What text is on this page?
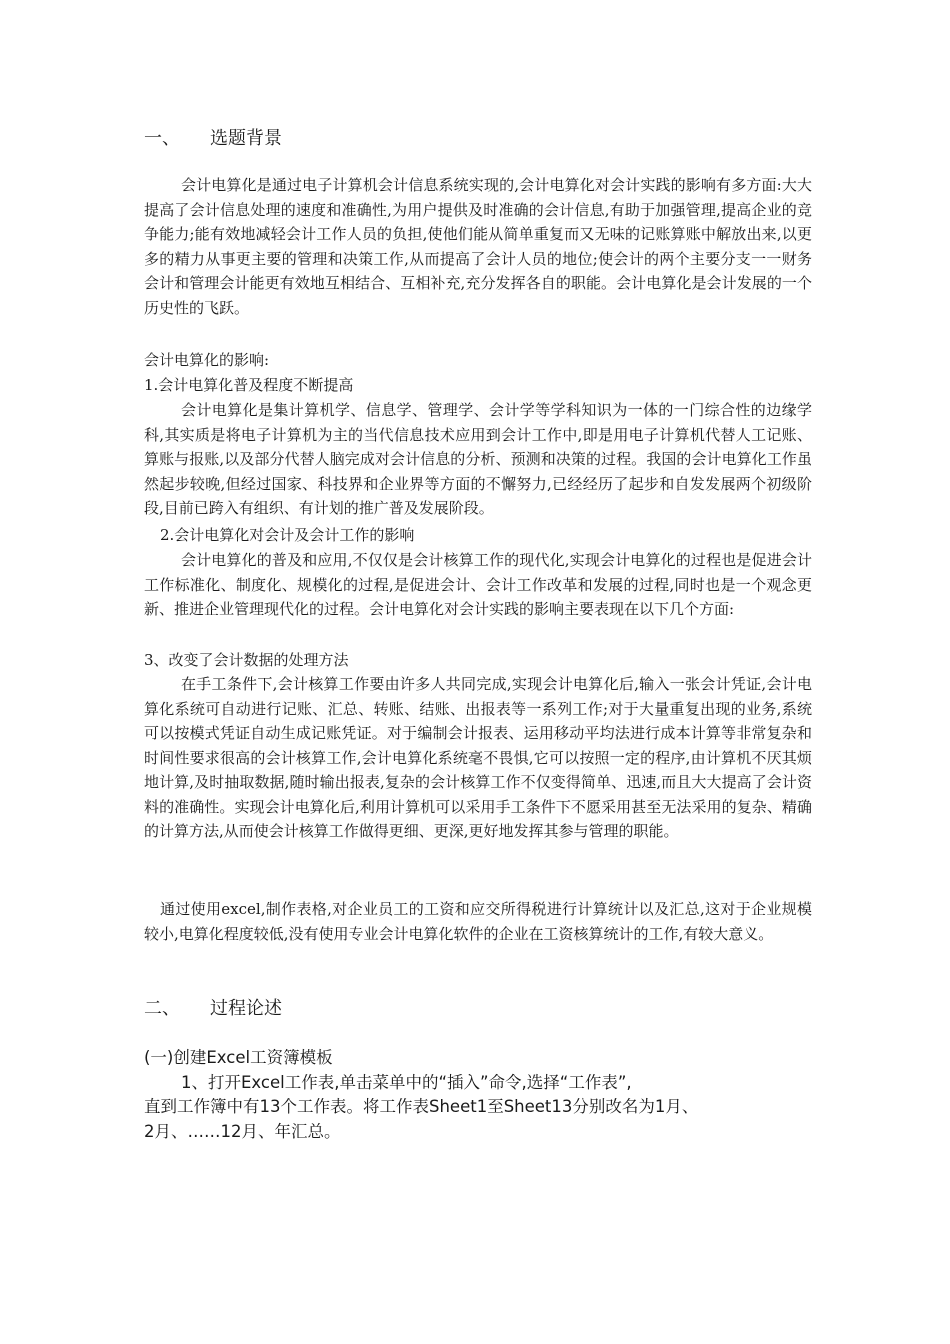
一、 选题背景

会计电算化是通过电子计算机会计信息系统实现的,会计电算化对会计实践的影响有多方面:大大提高了会计信息处理的速度和准确性,为用户提供及时准确的会计信息,有助于加强管理,提高企业的竞争能力;能有效地减轻会计工作人员的负担,使他们能从简单重复而又无味的记账算账中解放出来,以更多的精力从事更主要的管理和决策工作,从而提高了会计人员的地位;使会计的两个主要分支一一财务会计和管理会计能更有效地互相结合、互相补充,充分发挥各自的职能。会计电算化是会计发展的一个历史性的飞跃。

会计电算化的影响:
1.会计电算化普及程度不断提高

会计电算化是集计算机学、信息学、管理学、会计学等学科知识为一体的一门综合性的边缘学科,其实质是将电子计算机为主的当代信息技术应用到会计工作中,即是用电子计算机代替人工记账、算账与报账,以及部分代替人脑完成对会计信息的分析、预测和决策的过程。我国的会计电算化工作虽然起步较晚,但经过国家、科技界和企业界等方面的不懈努力,已经经历了起步和自发发展两个初级阶段,目前已跨入有组织、有计划的推广普及发展阶段。

2.会计电算化对会计及会计工作的影响

会计电算化的普及和应用,不仅仅是会计核算工作的现代化,实现会计电算化的过程也是促进会计工作标准化、制度化、规模化的过程,是促进会计、会计工作改革和发展的过程,同时也是一个观念更新、推进企业管理现代化的过程。会计电算化对会计实践的影响主要表现在以下几个方面:

3、改变了会计数据的处理方法

在手工条件下,会计核算工作要由许多人共同完成,实现会计电算化后,输入一张会计凭证,会计电算化系统可自动进行记账、汇总、转账、结账、出报表等一系列工作;对于大量重复出现的业务,系统可以按模式凭证自动生成记账凭证。对于编制会计报表、运用移动平均法进行成本计算等非常复杂和时间性要求很高的会计核算工作,会计电算化系统毫不畏惧,它可以按照一定的程序,由计算机不厌其烦地计算,及时抽取数据,随时输出报表,复杂的会计核算工作不仅变得简单、迅速,而且大大提高了会计资料的准确性。实现会计电算化后,利用计算机可以采用手工条件下不愿采用甚至无法采用的复杂、精确的计算方法,从而使会计核算工作做得更细、更深,更好地发挥其参与管理的职能。

通过使用excel,制作表格,对企业员工的工资和应交所得税进行计算统计以及汇总,这对于企业规模较小,电算化程度较低,没有使用专业会计电算化软件的企业在工资核算统计的工作,有较大意义。

二、 过程论述
(一)创建Excel工资簿模板
1、打开Excel工作表,单击菜单中的“插入”命令,选择“工作表”,
直到工作簿中有13个工作表。将工作表Sheet1至Sheet13分别改名为1月、
2月、……12月、年汇总。
